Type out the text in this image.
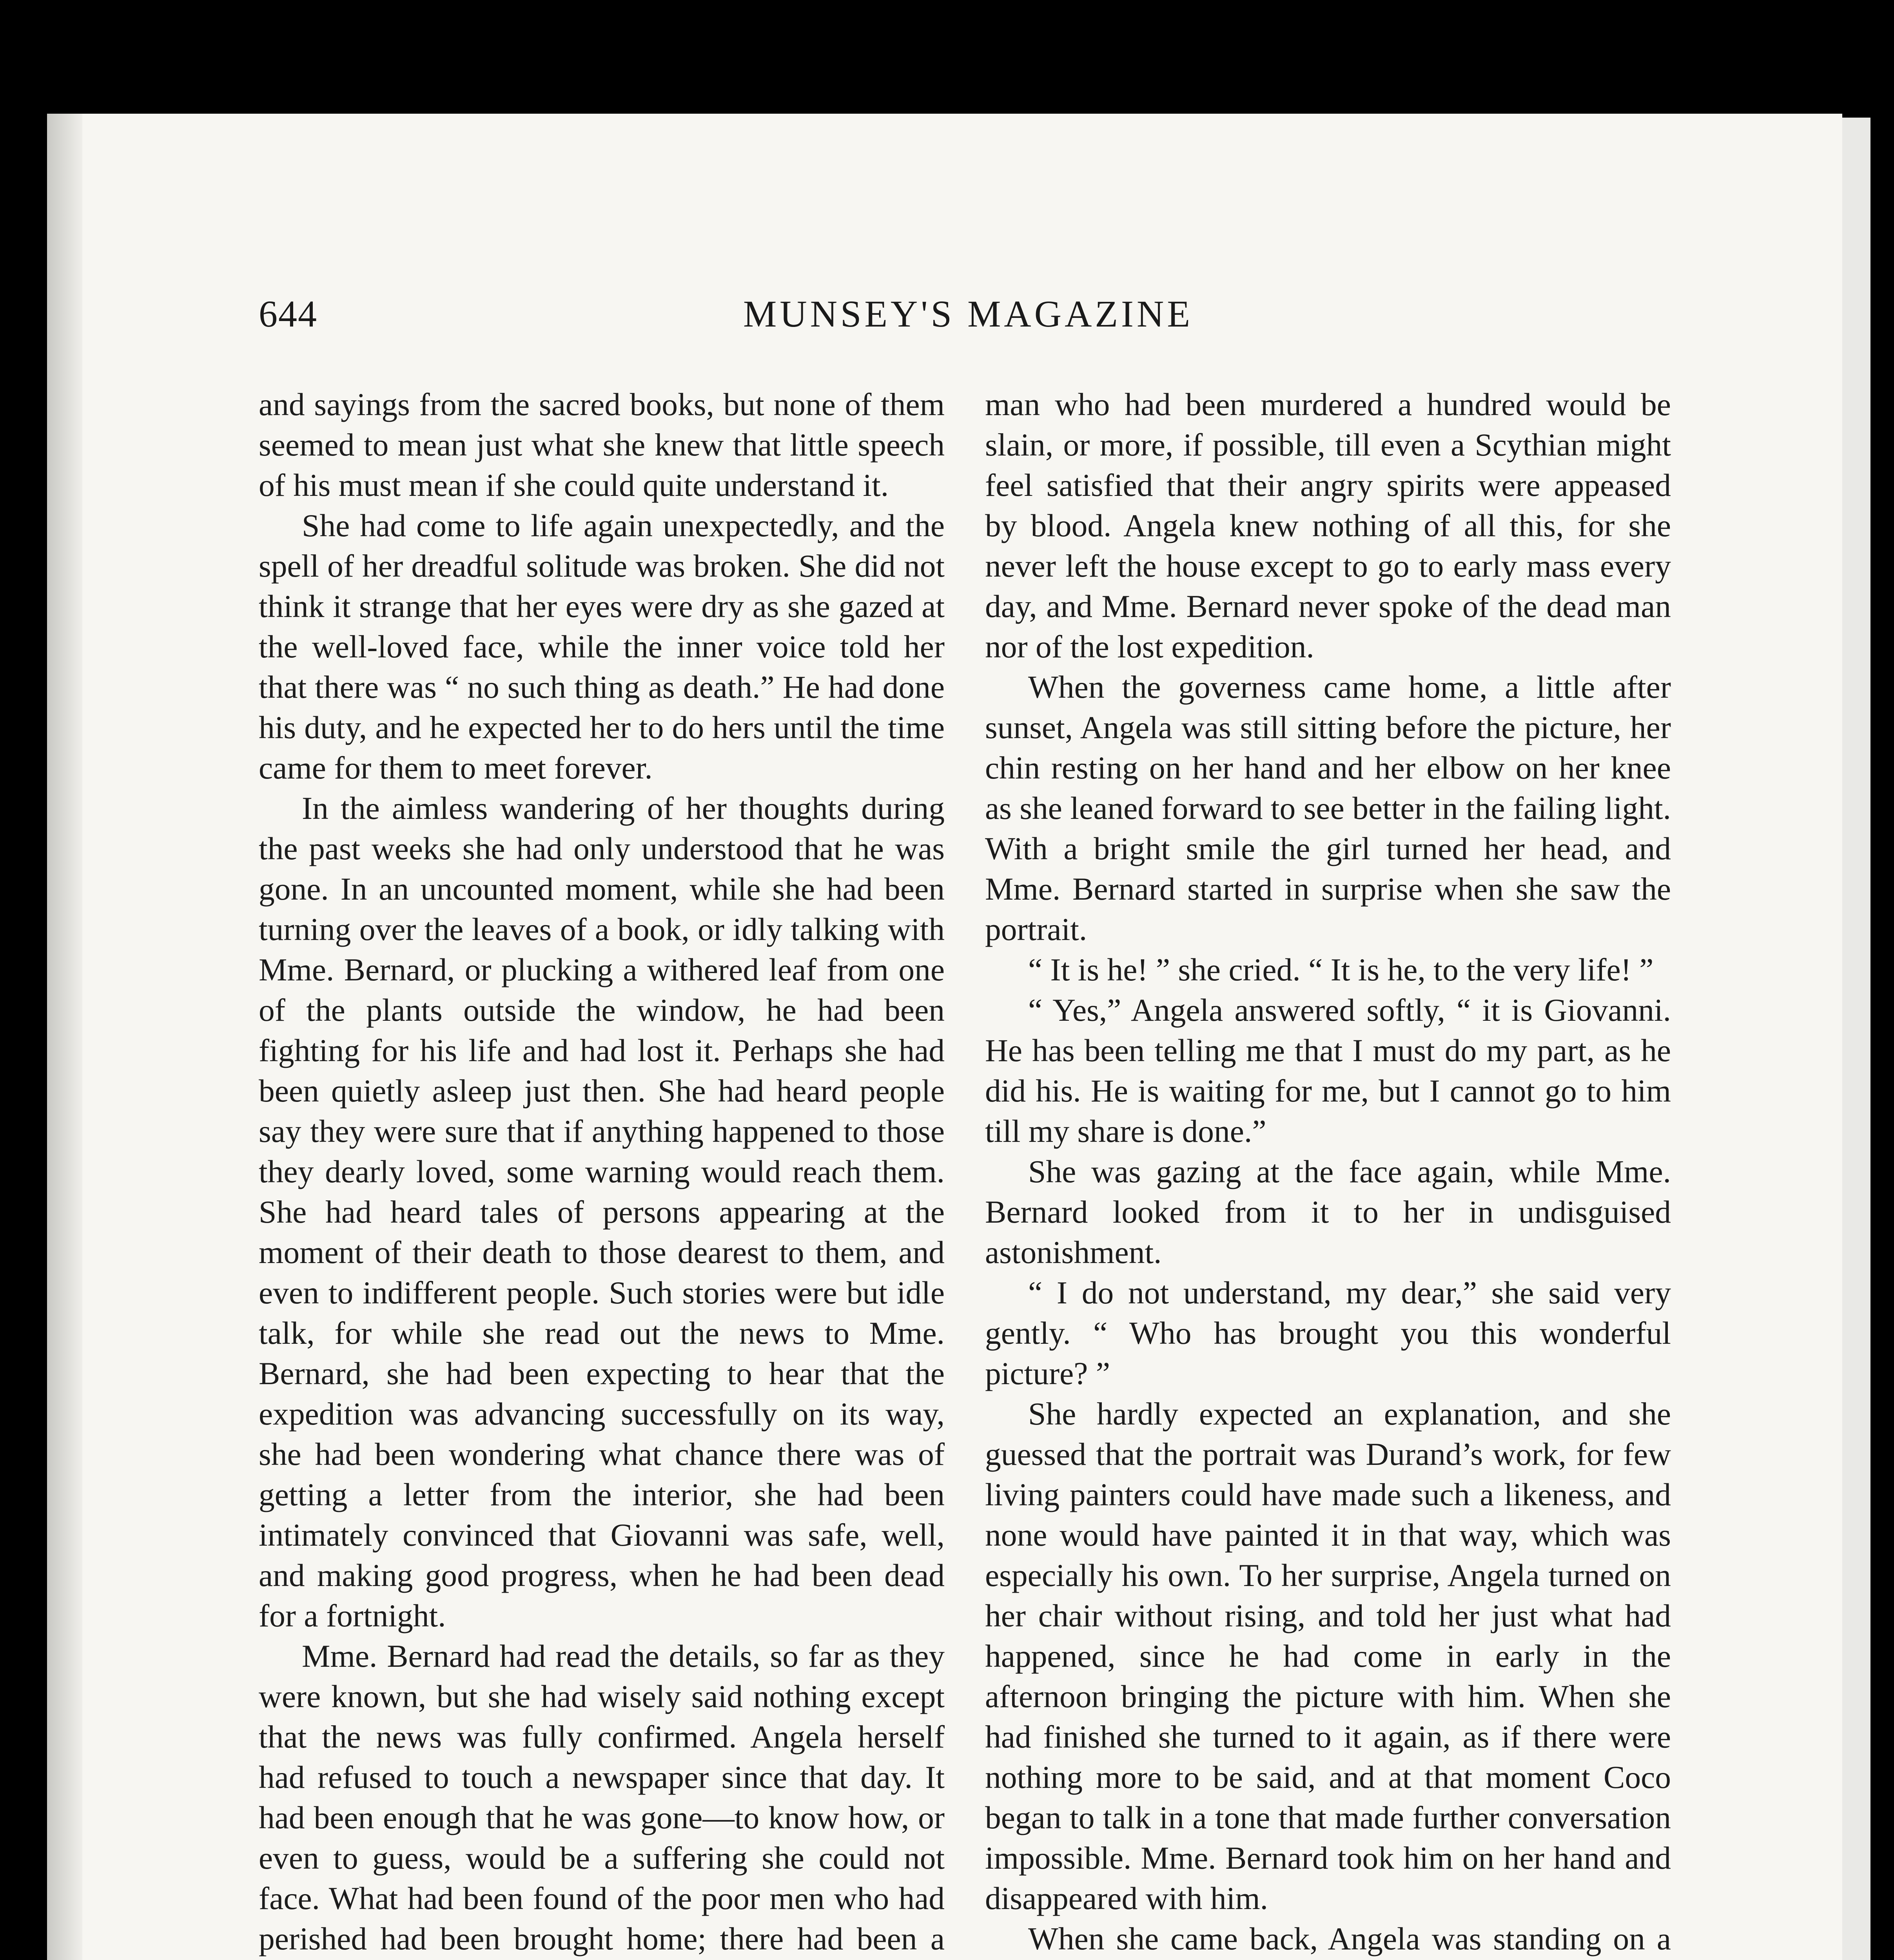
644	MUNSEY'S MAGAZINE

and sayings from the sacred books, but none of them seemed to mean just what she knew that little speech of his must mean if she could quite understand it.

She had come to life again unexpectedly, and the spell of her dreadful solitude was broken. She did not think it strange that her eyes were dry as she gazed at the well-loved face, while the inner voice told her that there was “ no such thing as death.” He had done his duty, and he expected her to do hers until the time came for them to meet forever.

In the aimless wandering of her thoughts during the past weeks she had only understood that he was gone. In an uncounted moment, while she had been turning over the leaves of a book, or idly talking with Mme. Bernard, or plucking a withered leaf from one of the plants outside the window, he had been fighting for his life and had lost it. Perhaps she had been quietly asleep just then. She had heard people say they were sure that if anything happened to those they dearly loved, some warning would reach them. She had heard tales of persons appearing at the moment of their death to those dearest to them, and even to indifferent people. Such stories were but idle talk, for while she read out the news to Mme. Bernard, she had been expecting to hear that the expedition was advancing successfully on its way, she had been wondering what chance there was of getting a letter from the interior, she had been intimately convinced that Giovanni was safe, well, and making good progress, when he had been dead for a fortnight.

Mme. Bernard had read the details, so far as they were known, but she had wisely said nothing except that the news was fully confirmed. Angela herself had refused to touch a newspaper since that day. It had been enough that he was gone—to know how, or even to guess, would be a suffering she could not face. What had been found of the poor men who had perished had been brought home; there had been a

man who had been murdered a hundred would be slain, or more, if possible, till even a Scythian might feel satisfied that their angry spirits were appeased by blood. Angela knew nothing of all this, for she never left the house except to go to early mass every day, and Mme. Bernard never spoke of the dead man nor of the lost expedition.

When the governess came home, a little after sunset, Angela was still sitting before the picture, her chin resting on her hand and her elbow on her knee as she leaned forward to see better in the failing light. With a bright smile the girl turned her head, and Mme. Bernard started in surprise when she saw the portrait.

“ It is he! ” she cried. “ It is he, to the very life! ”

“ Yes,” Angela answered softly, “ it is Giovanni. He has been telling me that I must do my part, as he did his. He is waiting for me, but I cannot go to him till my share is done.”

She was gazing at the face again, while Mme. Bernard looked from it to her in undisguised astonishment.

“ I do not understand, my dear,” she said very gently. “ Who has brought you this wonderful picture? ”

She hardly expected an explanation, and she guessed that the portrait was Durand’s work, for few living painters could have made such a likeness, and none would have painted it in that way, which was especially his own. To her surprise, Angela turned on her chair without rising, and told her just what had happened, since he had come in early in the afternoon bringing the picture with him. When she had finished she turned to it again, as if there were nothing more to be said, and at that moment Coco began to talk in a tone that made further conversation impossible. Mme. Bernard took him on her hand and disappeared with him.

When she came back, Angela was standing on a
